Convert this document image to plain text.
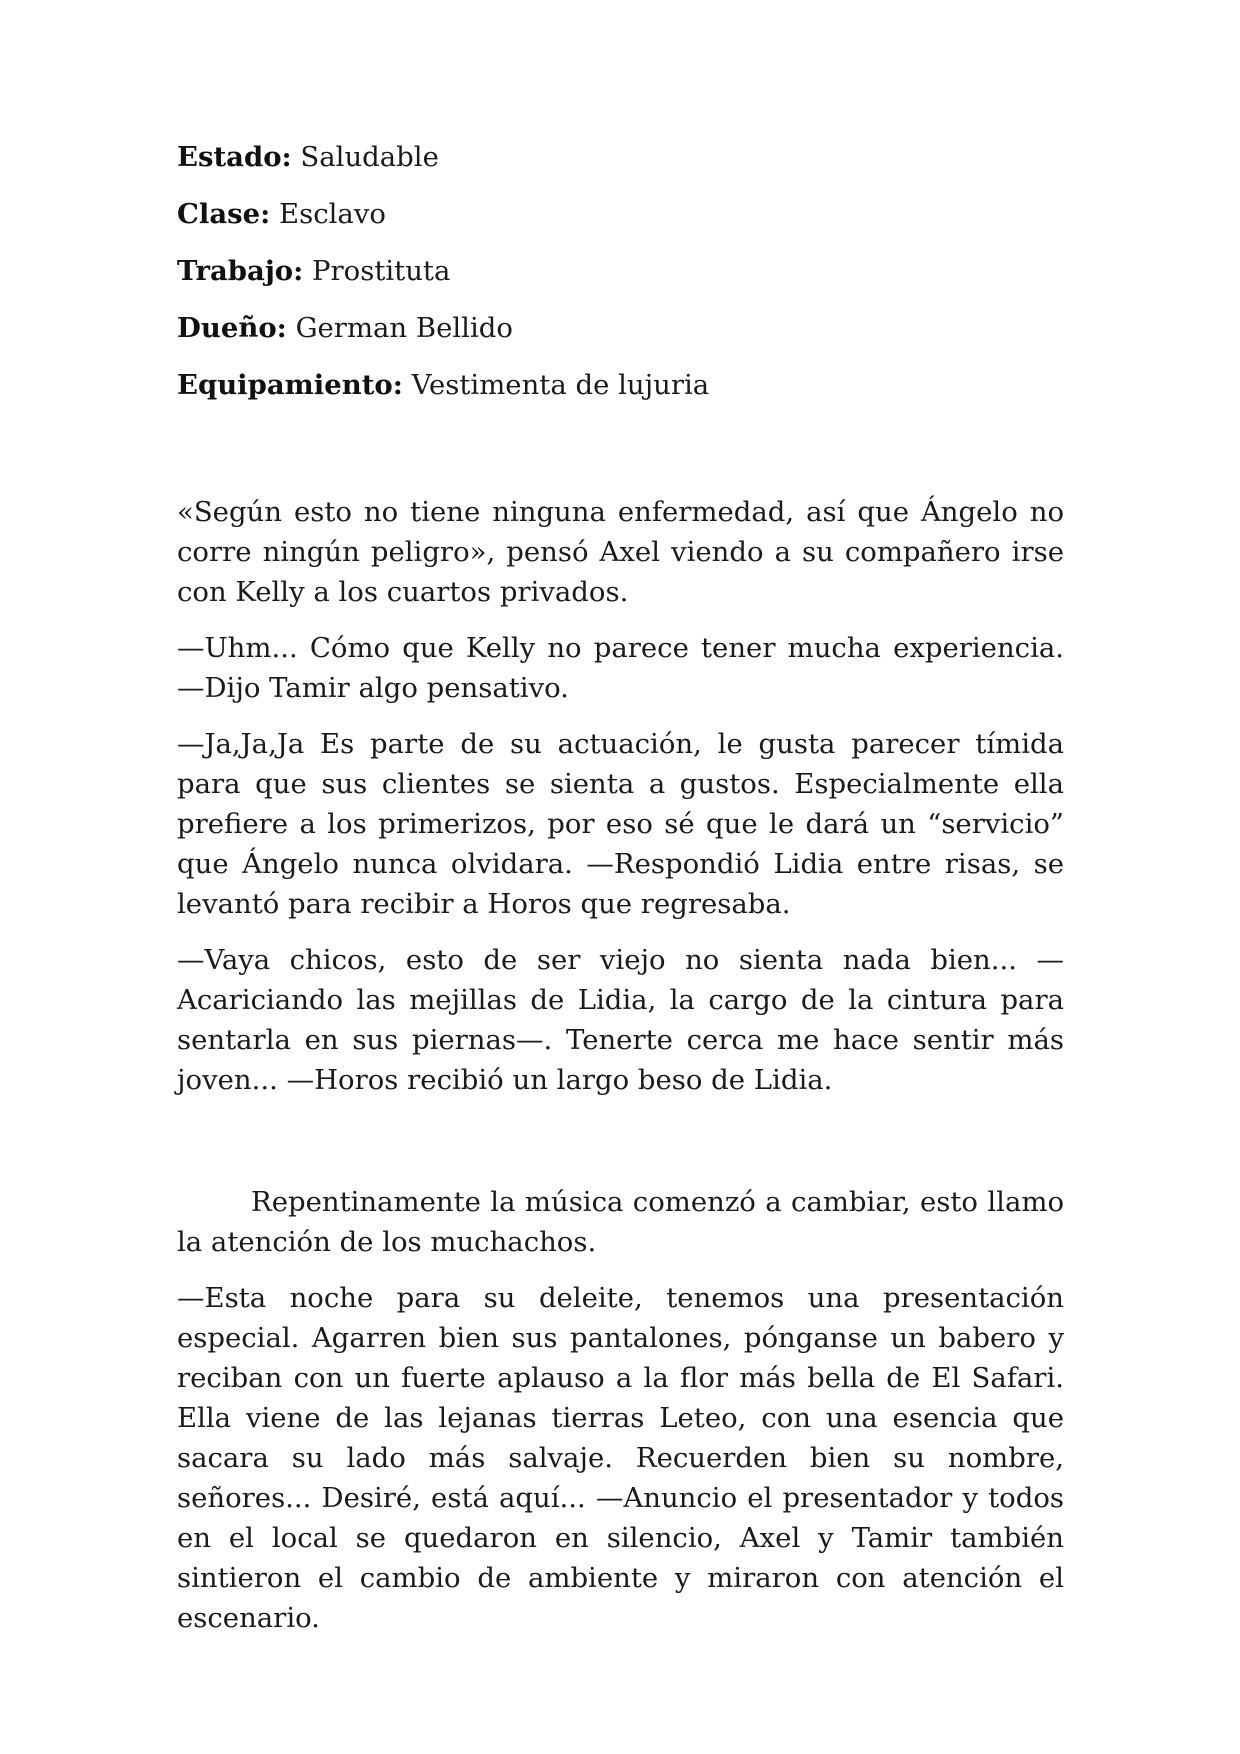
Estado: Saludable

Clase: Esclavo

Trabajo: Prostituta

Dueño: German Bellido

Equipamiento: Vestimenta de lujuria

«Según esto no tiene ninguna enfermedad, así que Ángelo no corre ningún peligro», pensó Axel viendo a su compañero irse con Kelly a los cuartos privados.

—Uhm... Cómo que Kelly no parece tener mucha experiencia. —Dijo Tamir algo pensativo.

—Ja,Ja,Ja Es parte de su actuación, le gusta parecer tímida para que sus clientes se sienta a gustos. Especialmente ella prefiere a los primerizos, por eso sé que le dará un “servicio” que Ángelo nunca olvidara. —Respondió Lidia entre risas, se levantó para recibir a Horos que regresaba.

—Vaya chicos, esto de ser viejo no sienta nada bien... —Acariciando las mejillas de Lidia, la cargo de la cintura para sentarla en sus piernas—. Tenerte cerca me hace sentir más joven... —Horos recibió un largo beso de Lidia.

Repentinamente la música comenzó a cambiar, esto llamo la atención de los muchachos.

—Esta noche para su deleite, tenemos una presentación especial. Agarren bien sus pantalones, pónganse un babero y reciban con un fuerte aplauso a la flor más bella de El Safari. Ella viene de las lejanas tierras Leteo, con una esencia que sacara su lado más salvaje. Recuerden bien su nombre, señores... Desiré, está aquí... —Anuncio el presentador y todos en el local se quedaron en silencio, Axel y Tamir también sintieron el cambio de ambiente y miraron con atención el escenario.
